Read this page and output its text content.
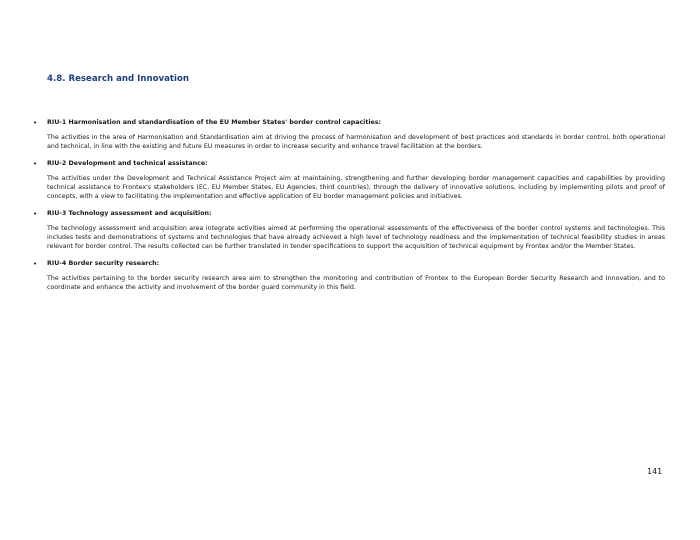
4.8. Research and Innovation
• RIU-1 Harmonisation and standardisation of the EU Member States' border control capacities:

The activities in the area of Harmonisation and Standardisation aim at driving the process of harmonisation and development of best practices and standards in border control, both operational and technical, in line with the existing and future EU measures in order to increase security and enhance travel facilitation at the borders.

• RIU-2 Development and technical assistance:

The activities under the Development and Technical Assistance Project aim at maintaining, strengthening and further developing border management capacities and capabilities by providing technical assistance to Frontex's stakeholders (EC, EU Member States, EU Agencies, third countries), through the delivery of innovative solutions, including by implementing pilots and proof of concepts, with a view to facilitating the implementation and effective application of EU border management policies and initiatives.

• RIU-3 Technology assessment and acquisition:

The technology assessment and acquisition area integrate activities aimed at performing the operational assessments of the effectiveness of the border control systems and technologies. This includes tests and demonstrations of systems and technologies that have already achieved a high level of technology readiness and the implementation of technical feasibility studies in areas relevant for border control. The results collected can be further translated in tender specifications to support the acquisition of technical equipment by Frontex and/or the Member States.

• RIU-4 Border security research:

The activities pertaining to the border security research area aim to strengthen the monitoring and contribution of Frontex to the European Border Security Research and Innovation, and to coordinate and enhance the activity and involvement of the border guard community in this field.

141
